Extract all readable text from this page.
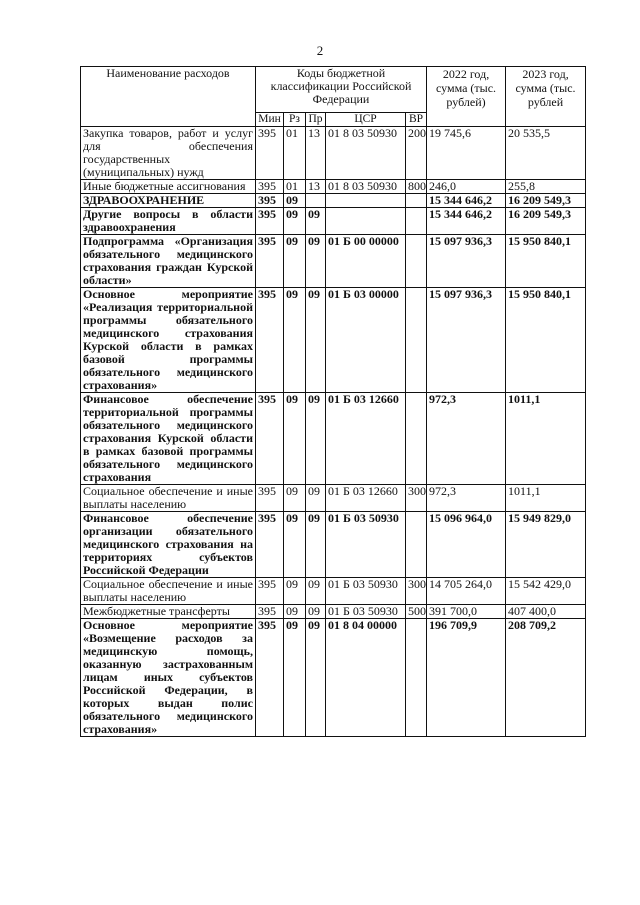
2
Наименование расходов	Коды бюджетной классификации Российской Федерации					2022 год, сумма (тыс. рублей)	2023 год, сумма (тыс. рублей
	Мин	Рз	Пр	ЦСР	ВР		
Закупка товаров, работ и услуг для обеспечения государственных (муниципальных) нужд	395	01	13	01 8 03 50930	200	19 745,6	20 535,5
Иные бюджетные ассигнования	395	01	13	01 8 03 50930	800	246,0	255,8
ЗДРАВООХРАНЕНИЕ	395	09				15 344 646,2	16 209 549,3
Другие вопросы в области здравоохранения	395	09	09			15 344 646,2	16 209 549,3
Подпрограмма «Организация обязательного медицинского страхования граждан Курской области»	395	09	09	01 Б 00 00000		15 097 936,3	15 950 840,1
Основное мероприятие «Реализация территориальной программы обязательного медицинского страхования Курской области в рамках базовой программы обязательного медицинского страхования»	395	09	09	01 Б 03 00000		15 097 936,3	15 950 840,1
Финансовое обеспечение территориальной программы обязательного медицинского страхования Курской области в рамках базовой программы обязательного медицинского страхования	395	09	09	01 Б 03 12660		972,3	1011,1
Социальное обеспечение и иные выплаты населению	395	09	09	01 Б 03 12660	300	972,3	1011,1
Финансовое обеспечение организации обязательного медицинского страхования на территориях субъектов Российской Федерации	395	09	09	01 Б 03 50930		15 096 964,0	15 949 829,0
Социальное обеспечение и иные выплаты населению	395	09	09	01 Б 03 50930	300	14 705 264,0	15 542 429,0
Межбюджетные трансферты	395	09	09	01 Б 03 50930	500	391 700,0	407 400,0
Основное мероприятие «Возмещение расходов за медицинскую помощь, оказанную застрахованным лицам иных субъектов Российской Федерации, в которых выдан полис обязательного медицинского страхования»	395	09	09	01 8 04 00000		196 709,9	208 709,2
